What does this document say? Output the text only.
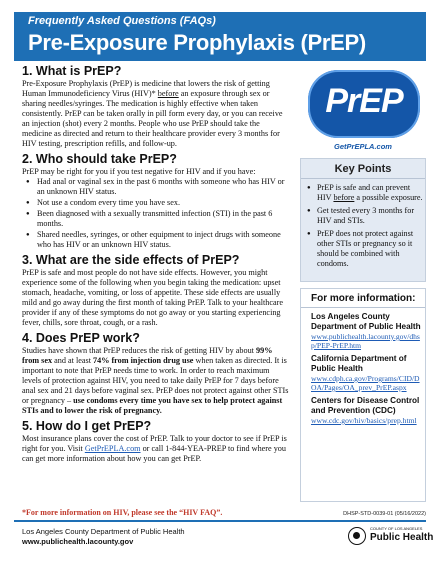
Frequently Asked Questions (FAQs)
Pre-Exposure Prophylaxis (PrEP)
1. What is PrEP?

Pre-Exposure Prophylaxis (PrEP) is medicine that lowers the risk of getting Human Immunodeficiency Virus (HIV)* before an exposure through sex or sharing needles/syringes. The medication is highly effective when taken consistently. PrEP can be taken orally in pill form every day, or you can receive an injection (shot) every 2 months. People who use PrEP should take the medicine as directed and return to their healthcare provider every 3 months for HIV testing, prescription refills, and follow-up.

2. Who should take PrEP?

PrEP may be right for you if you test negative for HIV and if you have:

● Had anal or vaginal sex in the past 6 months with someone who has HIV or an unknown HIV status.
● Not use a condom every time you have sex.
● Been diagnosed with a sexually transmitted infection (STI) in the past 6 months.
● Shared needles, syringes, or other equipment to inject drugs with someone who has HIV or an unknown HIV status.
3. What are the side effects of PrEP?

PrEP is safe and most people do not have side effects. However, you might experience some of the following when you begin taking the medication: upset stomach, headache, vomiting, or loss of appetite. These side effects are usually mild and go away during the first month of taking PrEP. Talk to your healthcare provider if any of these symptoms do not go away or you starting experiencing fever, chills, sore throat, cough, or a rash.

4. Does PrEP work?

Studies have shown that PrEP reduces the risk of getting HIV by about 99% from sex and at least 74% from injection drug use when taken as directed. It is important to note that PrEP needs time to work. In order to reach maximum levels of protection against HIV, you need to take daily PrEP for 7 days before anal sex and 21 days before vaginal sex. PrEP does not protect against other STIs or pregnancy – use condoms every time you have sex to help protect against STIs and to lower the risk of pregnancy.

5. How do I get PrEP?

Most insurance plans cover the cost of PrEP. Talk to your doctor to see if PrEP is right for you. Visit GetPrEPLA.com or call 1-844-YEA-PREP to find where you can get more information about how you can get PrEP.

PrEP
GetPrEPLA.com
Key Points
● PrEP is safe and can prevent HIV before a possible exposure.
● Get tested every 3 months for HIV and STIs.
● PrEP does not protect against other STIs or pregnancy so it should be combined with condoms.
For more information:
Los Angeles County Department of Public Health
www.publichealth.lacounty.gov/dhsp/PEP-PrEP.htm
California Department of Public Health
www.cdph.ca.gov/Programs/CID/DOA/Pages/OA_prev_PrEP.aspx
Centers for Disease Control and Prevention (CDC)
www.cdc.gov/hiv/basics/prep.html
*For more information on HIV, please see the “HIV FAQ”.	DHSP-STD-0039-01 (05/16/2022)
Los Angeles County Department of Public Health
www.publichealth.lacounty.gov
COUNTY OF LOS ANGELES
Public Health
